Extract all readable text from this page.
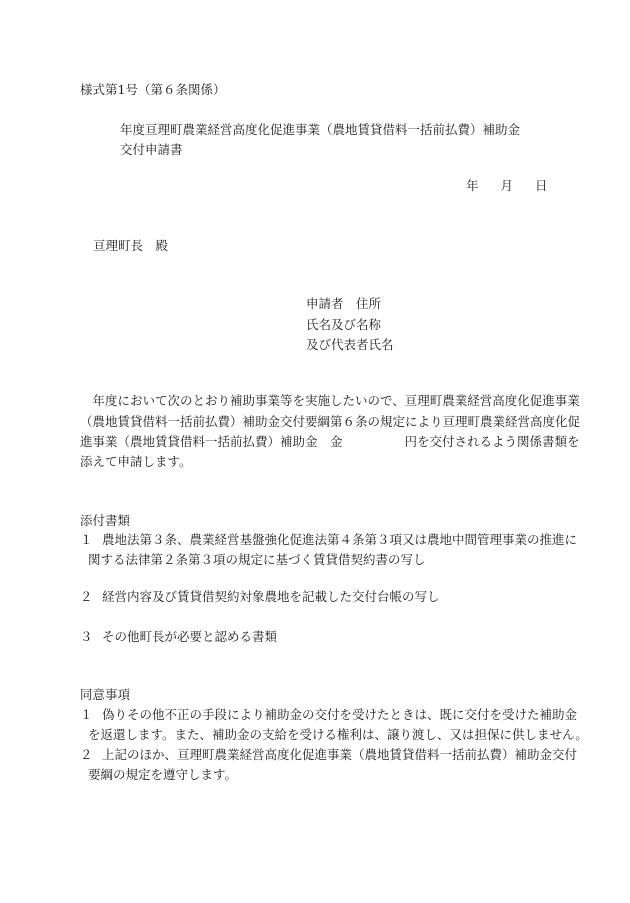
様式第1号（第６条関係）

年度亘理町農業経営高度化促進事業（農地賃貸借料一括前払費）補助金

交付申請書

年 月 日

亘理町長　殿

申請者　住所

氏名及び名称

及び代表者氏名

　年度において次のとおり補助事業等を実施したいので、亘理町農業経営高度化促進事業

（農地賃貸借料一括前払費）補助金交付要綱第６条の規定により亘理町農業経営高度化促

進事業（農地賃貸借料一括前払費）補助金　金	円を交付されるよう関係書類を

添えて申請します。

添付書類

１ 農地法第３条、農業経営基盤強化促進法第４条第３項又は農地中間管理事業の推進に

関する法律第２条第３項の規定に基づく賃貸借契約書の写し

２ 経営内容及び賃貸借契約対象農地を記載した交付台帳の写し

３ その他町長が必要と認める書類

同意事項

１ 偽りその他不正の手段により補助金の交付を受けたときは、既に交付を受けた補助金

を返還します。また、補助金の支給を受ける権利は、譲り渡し、又は担保に供しません。

２ 上記のほか、亘理町農業経営高度化促進事業（農地賃貸借料一括前払費）補助金交付

要綱の規定を遵守します。
